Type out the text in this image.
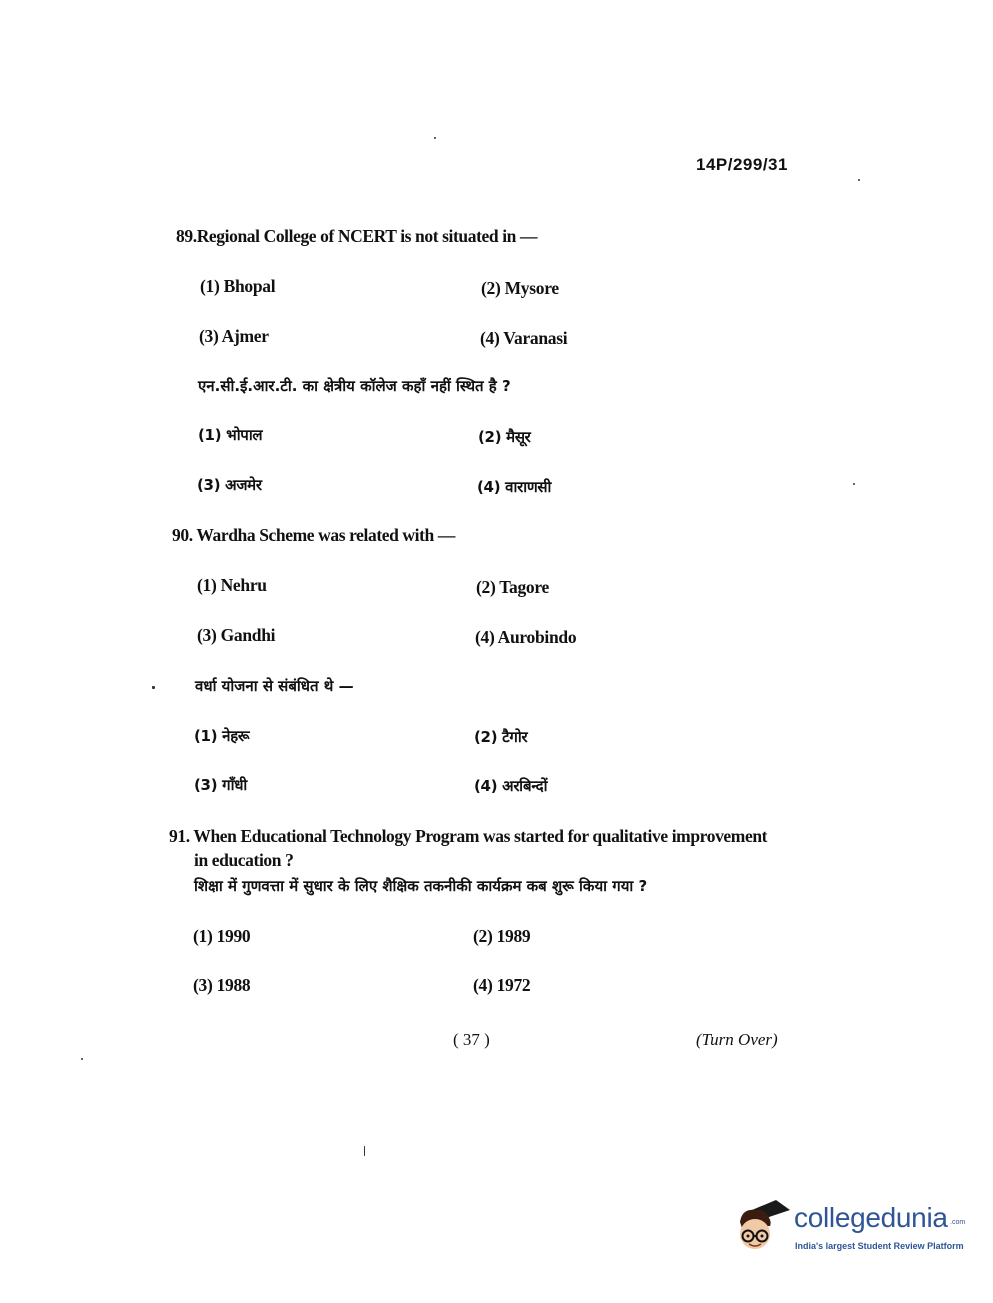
14P/299/31
89.Regional College of NCERT is not situated in —
(1) Bhopal	(2) Mysore
(3) Ajmer	(4) Varanasi
एन.सी.ई.आर.टी. का क्षेत्रीय कॉलेज कहाँ नहीं स्थित है ?
(1) भोपाल	(2) मैसूर
(3) अजमेर	(4) वाराणसी
90. Wardha Scheme was related with —
(1) Nehru	(2) Tagore
(3) Gandhi	(4) Aurobindo
वर्धा योजना से संबंधित थे —
(1) नेहरू	(2) टैगोर
(3) गाँधी	(4) अरबिन्दों
91. When Educational Technology Program was started for qualitative improvement
in education ?
शिक्षा में गुणवत्ता में सुधार के लिए शैक्षिक तकनीकी कार्यक्रम कब शुरू किया गया ?
(1) 1990	(2) 1989
(3) 1988	(4) 1972
( 37 )	(Turn Over)
collegedunia .com
India's largest Student Review Platform
